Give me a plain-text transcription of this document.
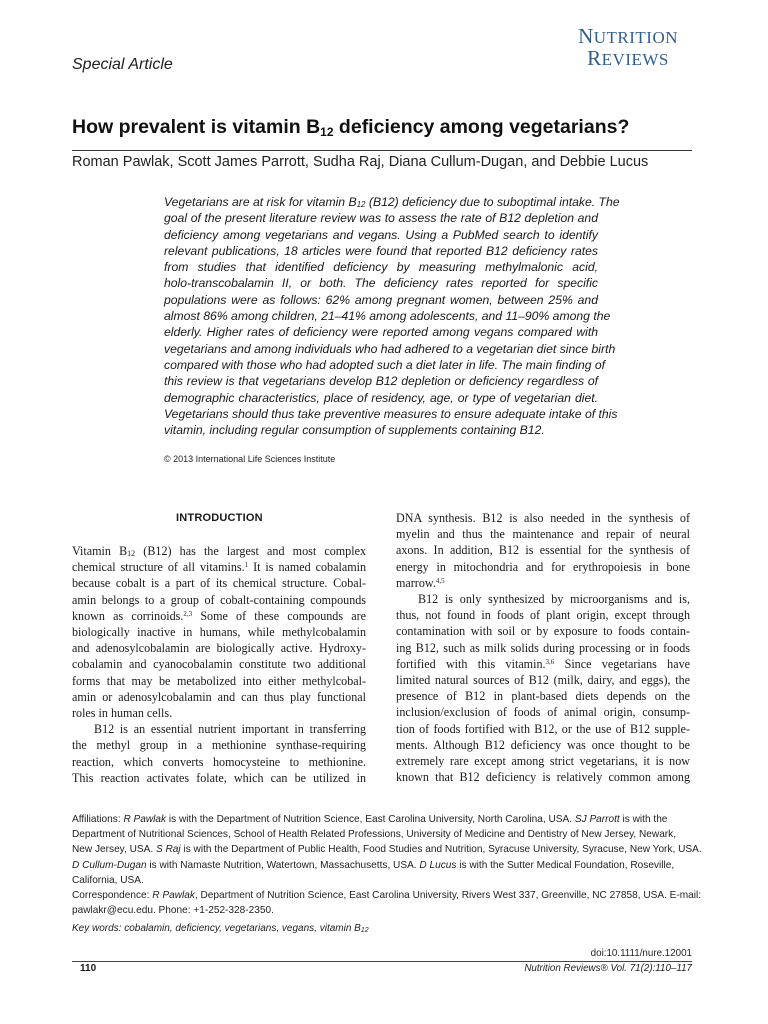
NUTRITION
REVIEWS
Special Article
How prevalent is vitamin $B_{12}$ deficiency among vegetarians?
Roman Pawlak, Scott James Parrott, Sudha Raj, Diana Cullum-Dugan, and Debbie Lucus
Vegetarians are at risk for vitamin $B_{12}$ (B12) deficiency due to suboptimal intake. The
goal of the present literature review was to assess the rate of B12 depletion and
deficiency among vegetarians and vegans. Using a PubMed search to identify
relevant publications, 18 articles were found that reported B12 deficiency rates
from studies that identified deficiency by measuring methylmalonic acid,
holo-transcobalamin II, or both. The deficiency rates reported for specific
populations were as follows: 62% among pregnant women, between 25% and
almost 86% among children, 21–41% among adolescents, and 11–90% among the
elderly. Higher rates of deficiency were reported among vegans compared with
vegetarians and among individuals who had adhered to a vegetarian diet since birth
compared with those who had adopted such a diet later in life. The main finding of
this review is that vegetarians develop B12 depletion or deficiency regardless of
demographic characteristics, place of residency, age, or type of vegetarian diet.
Vegetarians should thus take preventive measures to ensure adequate intake of this
vitamin, including regular consumption of supplements containing B12.
© 2013 International Life Sciences Institute
INTRODUCTION
Vitamin $B_{12}$ (B12) has the largest and most complex
chemical structure of all vitamins.$^1$ It is named cobalamin
because cobalt is a part of its chemical structure. Cobal-
amin belongs to a group of cobalt-containing compounds
known as corrinoids.$^{2,3}$ Some of these compounds are
biologically inactive in humans, while methylcobalamin
and adenosylcobalamin are biologically active. Hydroxy-
cobalamin and cyanocobalamin constitute two additional
forms that may be metabolized into either methylcobal-
amin or adenosylcobalamin and can thus play functional
roles in human cells.
B12 is an essential nutrient important in transferring
the methyl group in a methionine synthase-requiring
reaction, which converts homocysteine to methionine.
This reaction activates folate, which can be utilized in
DNA synthesis. B12 is also needed in the synthesis of
myelin and thus the maintenance and repair of neural
axons. In addition, B12 is essential for the synthesis of
energy in mitochondria and for erythropoiesis in bone
marrow.$^{4,5}$
B12 is only synthesized by microorganisms and is,
thus, not found in foods of plant origin, except through
contamination with soil or by exposure to foods contain-
ing B12, such as milk solids during processing or in foods
fortified with this vitamin.$^{3,6}$ Since vegetarians have
limited natural sources of B12 (milk, dairy, and eggs), the
presence of B12 in plant-based diets depends on the
inclusion/exclusion of foods of animal origin, consump-
tion of foods fortified with B12, or the use of B12 supple-
ments. Although B12 deficiency was once thought to be
extremely rare except among strict vegetarians, it is now
known that B12 deficiency is relatively common among
Affiliations: R Pawlak is with the Department of Nutrition Science, East Carolina University, North Carolina, USA. SJ Parrott is with the
Department of Nutritional Sciences, School of Health Related Professions, University of Medicine and Dentistry of New Jersey, Newark,
New Jersey, USA. S Raj is with the Department of Public Health, Food Studies and Nutrition, Syracuse University, Syracuse, New York, USA.
D Cullum-Dugan is with Namaste Nutrition, Watertown, Massachusetts, USA. D Lucus is with the Sutter Medical Foundation, Roseville,
California, USA.
Correspondence: R Pawlak, Department of Nutrition Science, East Carolina University, Rivers West 337, Greenville, NC 27858, USA. E-mail:
pawlakr@ecu.edu. Phone: +1-252-328-2350.
Key words: cobalamin, deficiency, vegetarians, vegans, vitamin $B_{12}$
doi:10.1111/nure.12001
110	Nutrition Reviews® Vol. 71(2):110–117
